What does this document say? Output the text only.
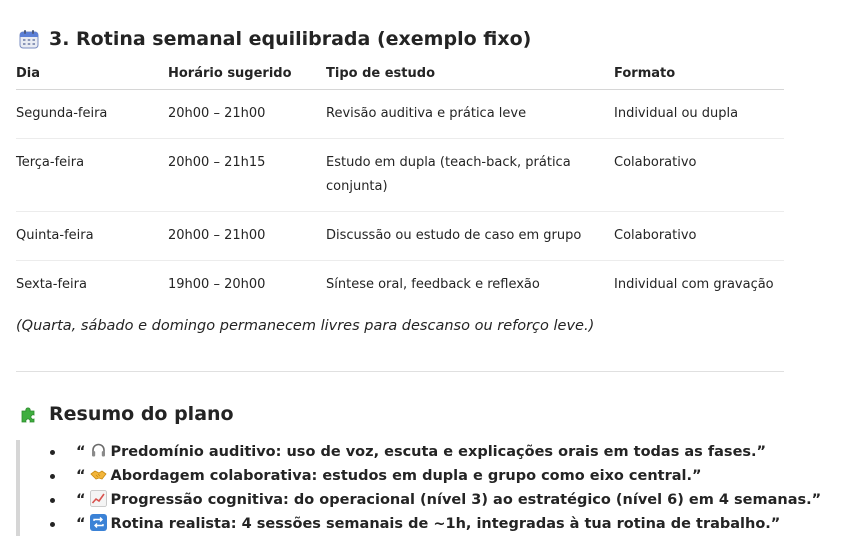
3. Rotina semanal equilibrada (exemplo fixo)
Dia	Horário sugerido	Tipo de estudo	Formato

Segunda-feira	20h00 – 21h00	Revisão auditiva e prática leve	Individual ou dupla

Terça-feira	20h00 – 21h15	Estudo em dupla (teach-back, prática conjunta)	Colaborativo

Quinta-feira	20h00 – 21h00	Discussão ou estudo de caso em grupo	Colaborativo

Sexta-feira	19h00 – 20h00	Síntese oral, feedback e reflexão	Individual com gravação
(Quarta, sábado e domingo permanecem livres para descanso ou reforço leve.)
Resumo do plano
“ Predomínio auditivo: uso de voz, escuta e explicações orais em todas as fases.”
“ Abordagem colaborativa: estudos em dupla e grupo como eixo central.”
“ Progressão cognitiva: do operacional (nível 3) ao estratégico (nível 6) em 4 semanas.”
“ Rotina realista: 4 sessões semanais de ~1h, integradas à tua rotina de trabalho.”
